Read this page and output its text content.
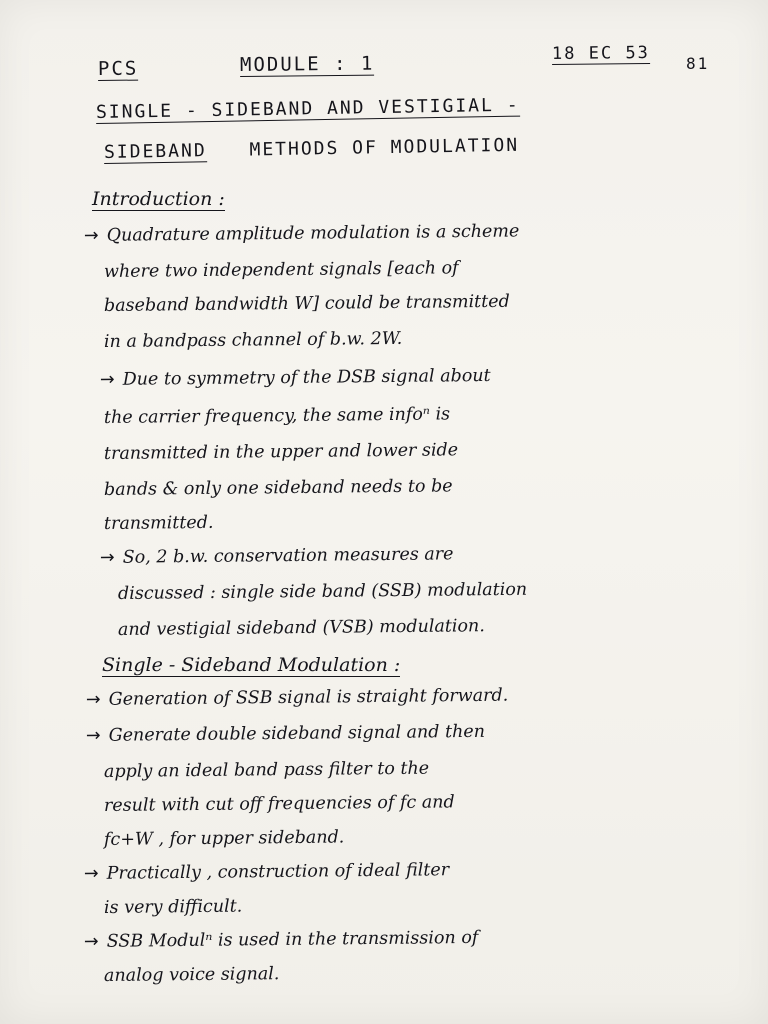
PCS	MODULE : 1	18 EC 53 81
SINGLE - SIDEBAND AND VESTIGIAL -
SIDEBAND METHODS OF MODULATION
Introduction :
→ Quadrature amplitude modulation is a scheme
where two independent signals [each of
baseband bandwidth W] could be transmitted
in a bandpass channel of b.w. 2W.
→ Due to symmetry of the DSB signal about
the carrier frequency, the same infoⁿ is
transmitted in the upper and lower side
bands & only one sideband needs to be
transmitted.
→ So, 2 b.w. conservation measures are
discussed : single side band (SSB) modulation
and vestigial sideband (VSB) modulation.
Single - Sideband Modulation :
→ Generation of SSB signal is straight forward.
→ Generate double sideband signal and then
apply an ideal band pass filter to the
result with cut off frequencies of fc and
fc+W , for upper sideband.
→ Practically , construction of ideal filter
is very difficult.
→ SSB Modulⁿ is used in the transmission of
analog voice signal.
